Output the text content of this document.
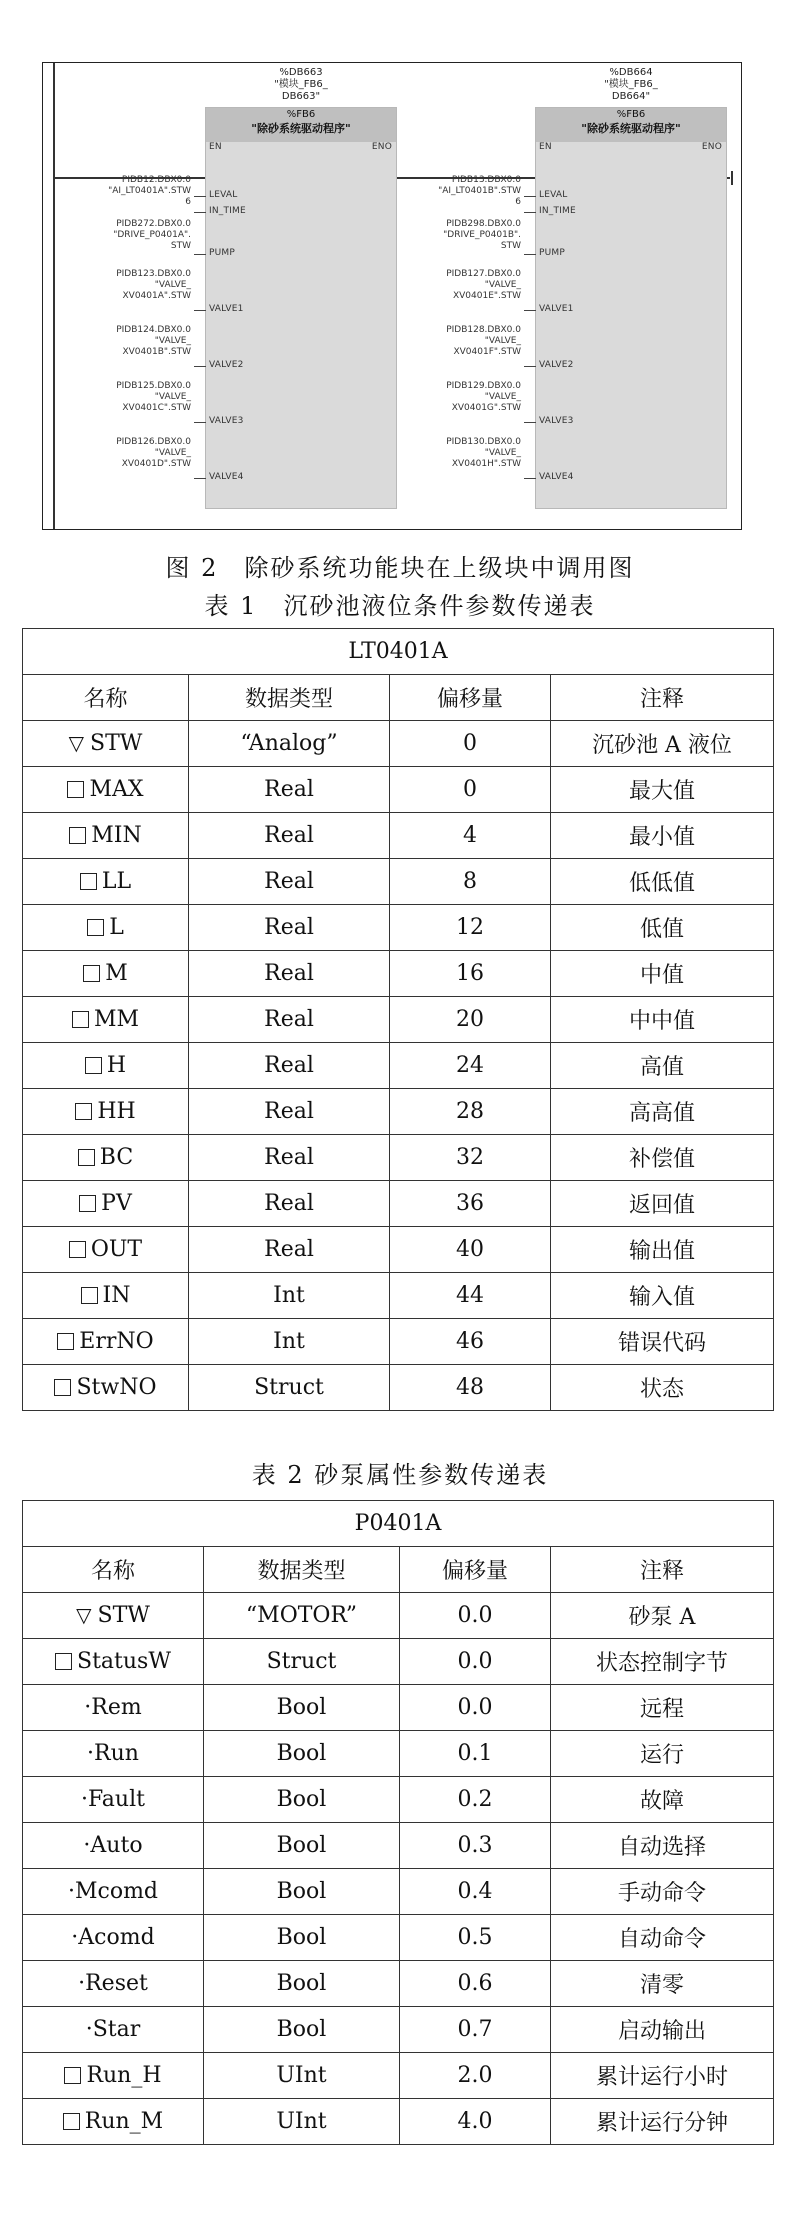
%DB663
"模块_FB6_
DB663"
%FB6
"除砂系统驱动程序"
EN	ENO
LEVAL
IN_TIME
PUMP
VALVE1
VALVE2
VALVE3
VALVE4
PIDB12.DBX0.0
"AI_LT0401A".STW
6
PIDB272.DBX0.0
"DRIVE_P0401A".
STW
PIDB123.DBX0.0
"VALVE_
XV0401A".STW
PIDB124.DBX0.0
"VALVE_
XV0401B".STW
PIDB125.DBX0.0
"VALVE_
XV0401C".STW
PIDB126.DBX0.0
"VALVE_
XV0401D".STW
%DB664
"模块_FB6_
DB664"
%FB6
"除砂系统驱动程序"
EN	ENO
LEVAL
IN_TIME
PUMP
VALVE1
VALVE2
VALVE3
VALVE4
PIDB13.DBX0.0
"AI_LT0401B".STW
6
PIDB298.DBX0.0
"DRIVE_P0401B".
STW
PIDB127.DBX0.0
"VALVE_
XV0401E".STW
PIDB128.DBX0.0
"VALVE_
XV0401F".STW
PIDB129.DBX0.0
"VALVE_
XV0401G".STW
PIDB130.DBX0.0
"VALVE_
XV0401H".STW
图 2　除砂系统功能块在上级块中调用图
表 1　沉砂池液位条件参数传递表
LT0401A			
名称	数据类型	偏移量	注释
▽ STW	“Analog”	0	沉砂池 A 液位
MAX	Real	0	最大值
MIN	Real	4	最小值
LL	Real	8	低低值
L	Real	12	低值
M	Real	16	中值
MM	Real	20	中中值
H	Real	24	高值
HH	Real	28	高高值
BC	Real	32	补偿值
PV	Real	36	返回值
OUT	Real	40	输出值
IN	Int	44	输入值
ErrNO	Int	46	错误代码
StwNO	Struct	48	状态
表 2 砂泵属性参数传递表
P0401A			
名称	数据类型	偏移量	注释
▽ STW	“MOTOR”	0.0	砂泵 A
StatusW	Struct	0.0	状态控制字节
·Rem	Bool	0.0	远程
·Run	Bool	0.1	运行
·Fault	Bool	0.2	故障
·Auto	Bool	0.3	自动选择
·Mcomd	Bool	0.4	手动命令
·Acomd	Bool	0.5	自动命令
·Reset	Bool	0.6	清零
·Star	Bool	0.7	启动输出
Run_H	UInt	2.0	累计运行小时
Run_M	UInt	4.0	累计运行分钟
